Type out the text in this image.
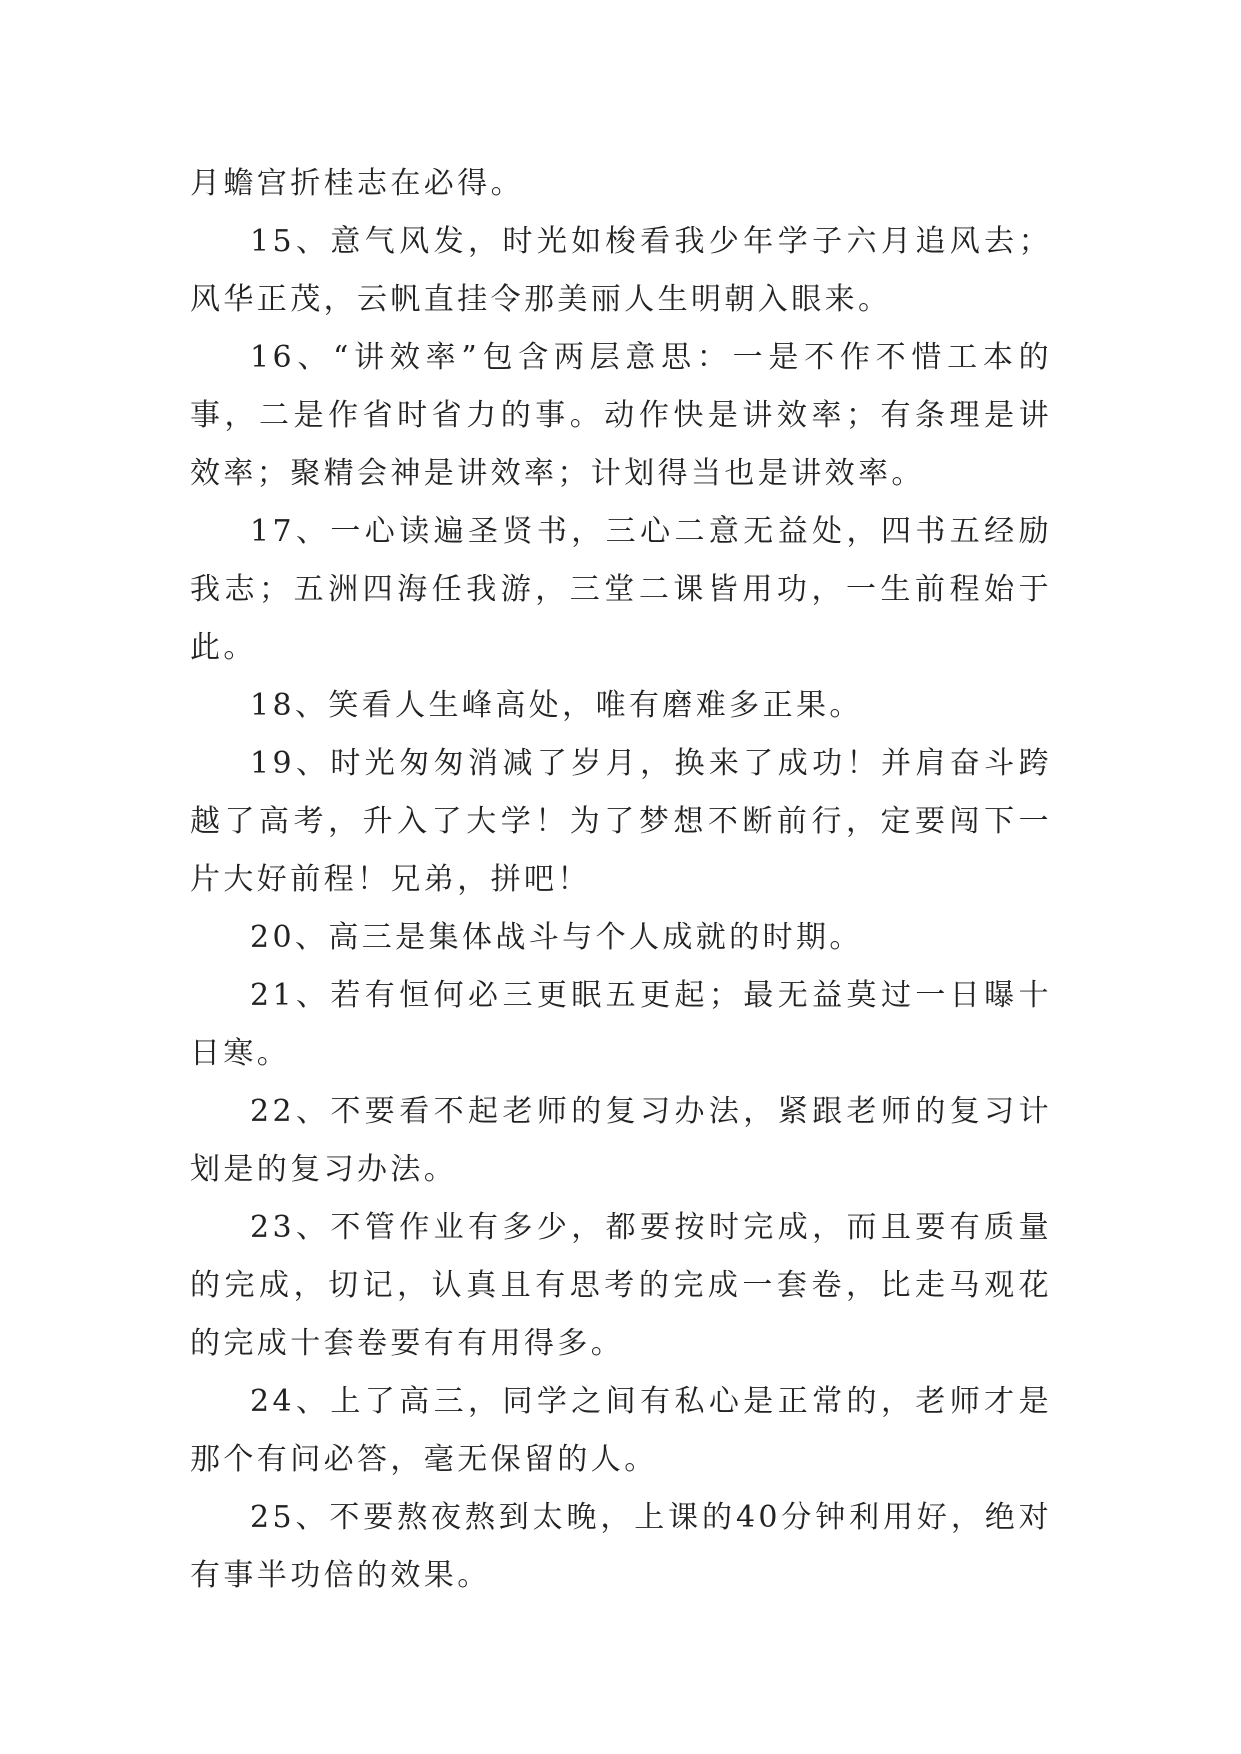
月蟾宫折桂志在必得。

15、意气风发，时光如梭看我少年学子六月追风去；风华正茂，云帆直挂令那美丽人生明朝入眼来。

16、“讲效率”包含两层意思：一是不作不惜工本的事，二是作省时省力的事。动作快是讲效率；有条理是讲效率；聚精会神是讲效率；计划得当也是讲效率。

17、一心读遍圣贤书，三心二意无益处，四书五经励我志；五洲四海任我游，三堂二课皆用功，一生前程始于此。

18、笑看人生峰高处，唯有磨难多正果。

19、时光匆匆消减了岁月，换来了成功！并肩奋斗跨越了高考，升入了大学！为了梦想不断前行，定要闯下一片大好前程！兄弟，拼吧！

20、高三是集体战斗与个人成就的时期。

21、若有恒何必三更眠五更起；最无益莫过一日曝十日寒。

22、不要看不起老师的复习办法，紧跟老师的复习计划是的复习办法。

23、不管作业有多少，都要按时完成，而且要有质量的完成，切记，认真且有思考的完成一套卷，比走马观花的完成十套卷要有有用得多。

24、上了高三，同学之间有私心是正常的，老师才是那个有问必答，毫无保留的人。

25、不要熬夜熬到太晚，上课的40分钟利用好，绝对有事半功倍的效果。
